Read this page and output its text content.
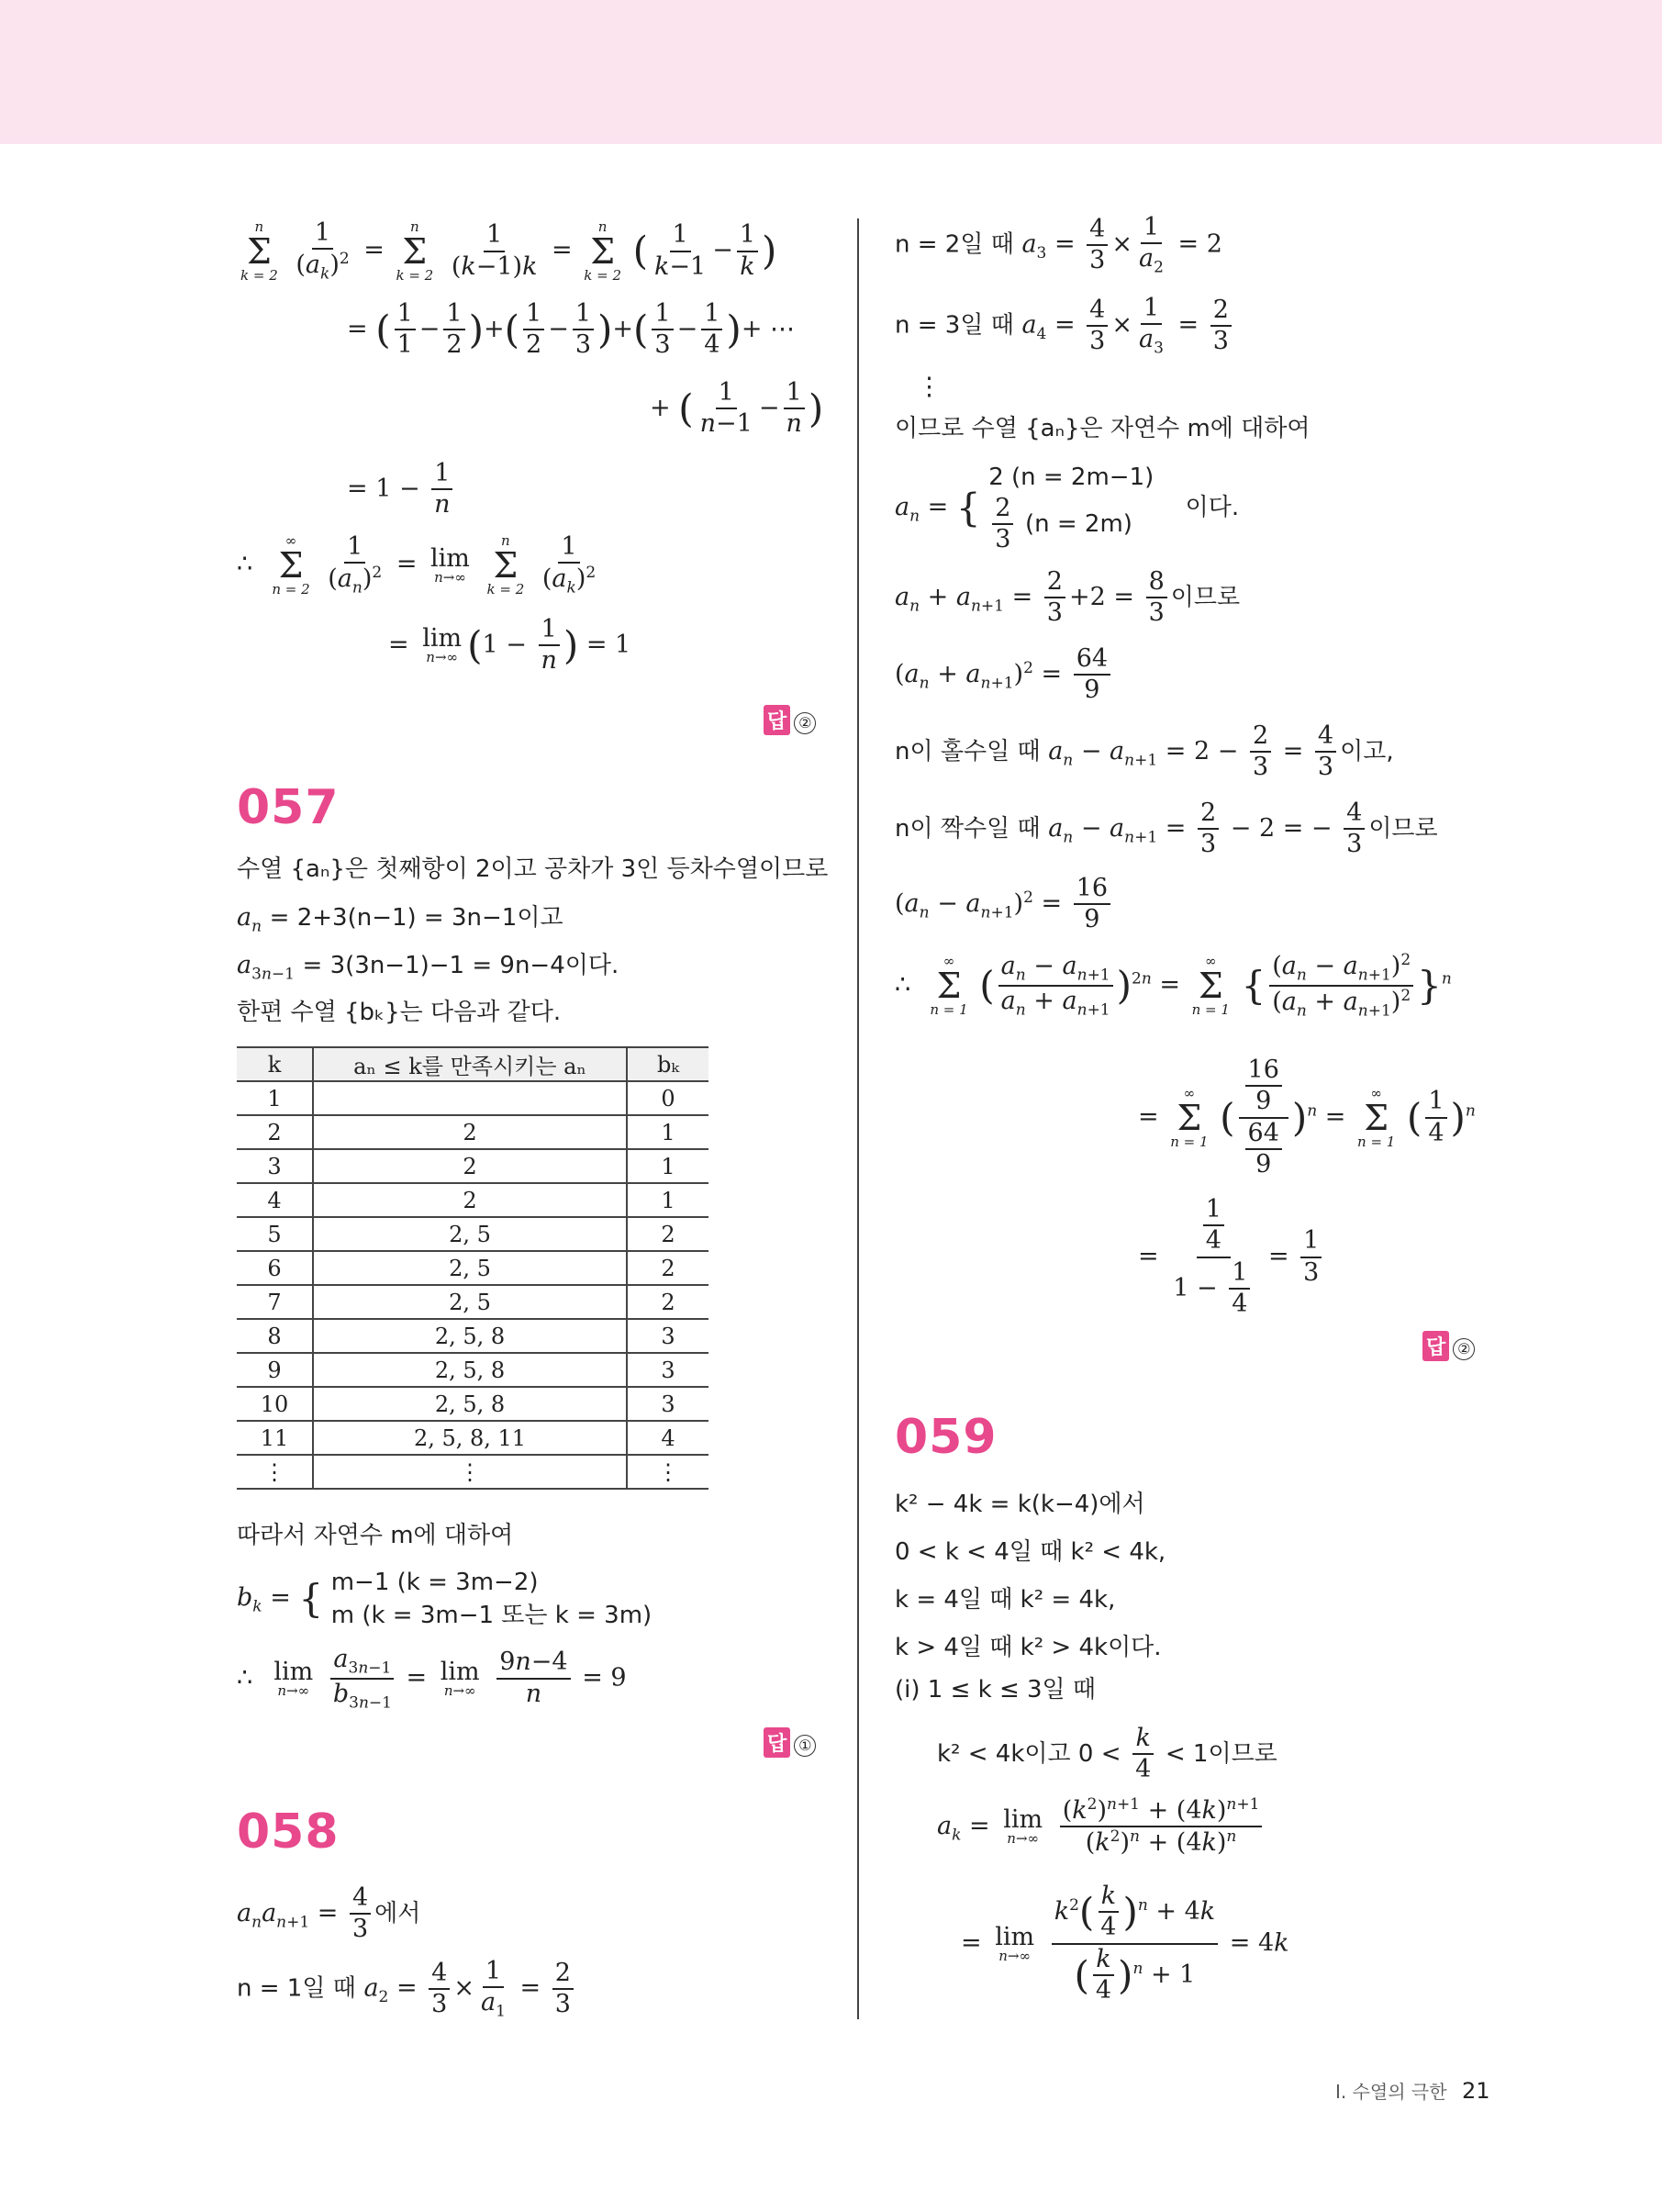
n
Σ
k = 2
$\frac{1}{(a_k)^2}$ =
n
Σ
k = 2
$\frac{1}{(k-1)k}$ =
n
Σ
k = 2
( $\frac{1}{k-1} - \frac{1}{k}$ )
= ( $\frac{1}{1} - \frac{1}{2}$ )+( $\frac{1}{2} - \frac{1}{3}$ )+( $\frac{1}{3} - \frac{1}{4}$ )+ ⋯
+ ( $\frac{1}{n-1} - \frac{1}{n}$ )
= $1 - \frac{1}{n}$
∴
∞
Σ
n = 2
$\frac{1}{(a_n)^2} = \lim$
n→∞

n
Σ
k = 2
$\frac{1}{(a_k)^2}$
= lim
n→∞ ($1 - \frac{1}{n}$ ) = 1
답 ②
057
수열 {aₙ}은 첫째항이 2이고 공차가 3인 등차수열이므로
$a_n = 2+3(n-1) = 3n-1$이고
$a_{3n-1} = 3(3n-1)-1 = 9n-4$이다.
한편 수열 {bₖ}는 다음과 같다.
k	aₙ ≤ k를 만족시키는 aₙ	bₖ
1		0
2	2	1
3	2	1
4	2	1
5	2, 5	2
6	2, 5	2
7	2, 5	2
8	2, 5, 8	3
9	2, 5, 8	3
10	2, 5, 8	3
11	2, 5, 8, 11	4
⋮	⋮	⋮
따라서 자연수 m에 대하여
$b_k$ = { m−1 (k = 3m−2)
m (k = 3m−1 또는 k = 3m)
∴ lim
n→∞
$\frac{a_{3n-1}}{b_{3n-1}} = \lim$
n→∞
$\frac{9n-4}{n} = 9$
답 ①
058
$a_na_{n+1} = \frac{4}{3}$ 에서
n = 1일 때 $a_2 = \frac{4}{3} \times \frac{1}{a_1} = \frac{2}{3}$
n = 2일 때 $a_3 = \frac{4}{3} \times \frac{1}{a_2} = 2$
n = 3일 때 $a_4 = \frac{4}{3} \times \frac{1}{a_3} = \frac{2}{3}$
⋮
이므로 수열 {aₙ}은 자연수 m에 대하여
$a_n$ = { 2 (n = 2m−1)

$\frac{2}{3} (n = 2m)$    이다.
$a_n + a_{n+1} = \frac{2}{3} +2 = \frac{8}{3}$ 이므로
$(a_n + a_{n+1})^2 = \frac{64}{9}$
n이 홀수일 때 $a_n - a_{n+1} = 2 - \frac{2}{3} = \frac{4}{3}$ 이고,
n이 짝수일 때 $a_n - a_{n+1} = \frac{2}{3} - 2$ = − $\frac{4}{3}$ 이므로
$(a_n - a_{n+1})^2 = \frac{16}{9}$
∴
∞
Σ
n = 1
( $\frac{a_n - a_{n+1}}{a_n + a_{n+1}} )^{2n}$ =
∞
Σ
n = 1
{ $\frac{(a_n - a_{n+1})^2}{(a_n + a_{n+1})^2} \}^n$
=
∞
Σ
n = 1
( $\frac{\frac{16}{9}}{\frac{64}{9}} )^n$ =
∞
Σ
n = 1
( $\frac{1}{4} )^n$
= $\frac{\frac{1}{4}}{1 - \frac{1}{4}} = \frac{1}{3}$
답 ②
059
k² − 4k = k(k−4)에서
0 < k < 4일 때 k² < 4k,
k = 4일 때 k² = 4k,
k > 4일 때 k² > 4k이다.
(ⅰ) 1 ≤ k ≤ 3일 때
k² < 4k이고 $0 < \frac{k}{4} < 1$이므로
$a_k = \lim$
n→∞
$\frac{(k^2)^{n+1} + (4k)^{n+1}}{(k^2)^n + (4k)^n}$
= lim
n→∞
$\frac{k^2( \frac{k}{4} )^n + 4k}{( \frac{k}{4} )^n + 1} = 4k$
Ⅰ. 수열의 극한 21
